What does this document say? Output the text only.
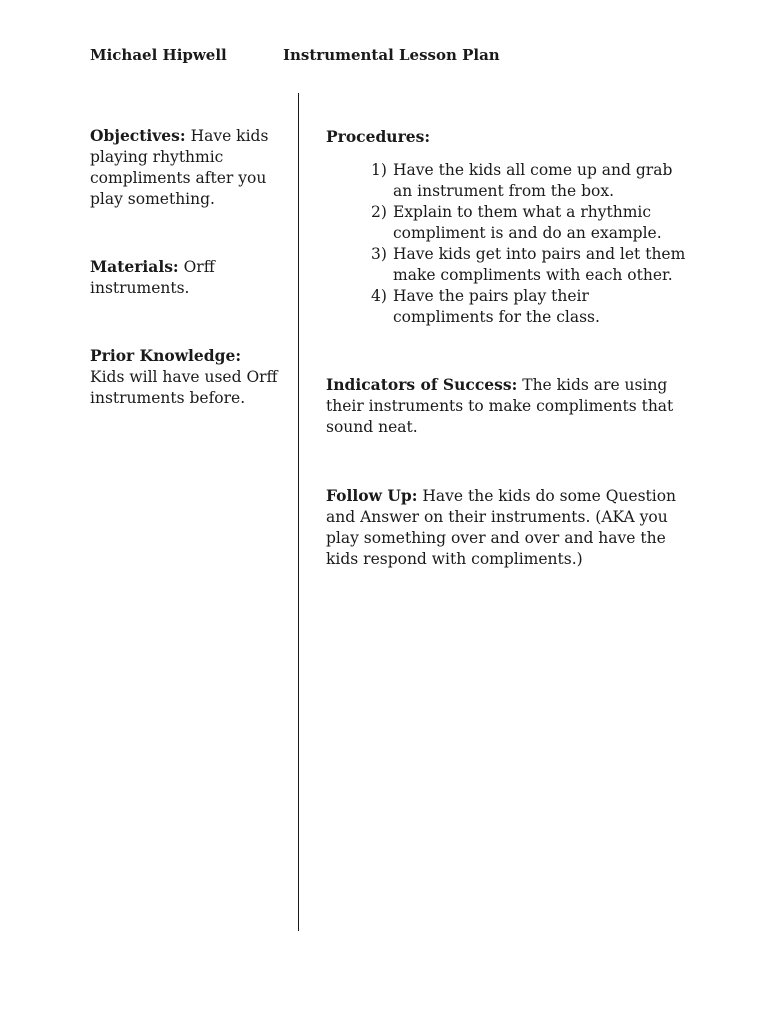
Michael Hipwell	Instrumental Lesson Plan

Objectives: Have kids playing rhythmic compliments after you play something.

Materials: Orff instruments.

Prior Knowledge: Kids will have used Orff instruments before.

Procedures:

1) Have the kids all come up and grab an instrument from the box.
2) Explain to them what a rhythmic compliment is and do an example.
3) Have kids get into pairs and let them make compliments with each other.
4) Have the pairs play their compliments for the class.

Indicators of Success: The kids are using their instruments to make compliments that sound neat.

Follow Up: Have the kids do some Question and Answer on their instruments. (AKA you play something over and over and have the kids respond with compliments.)
